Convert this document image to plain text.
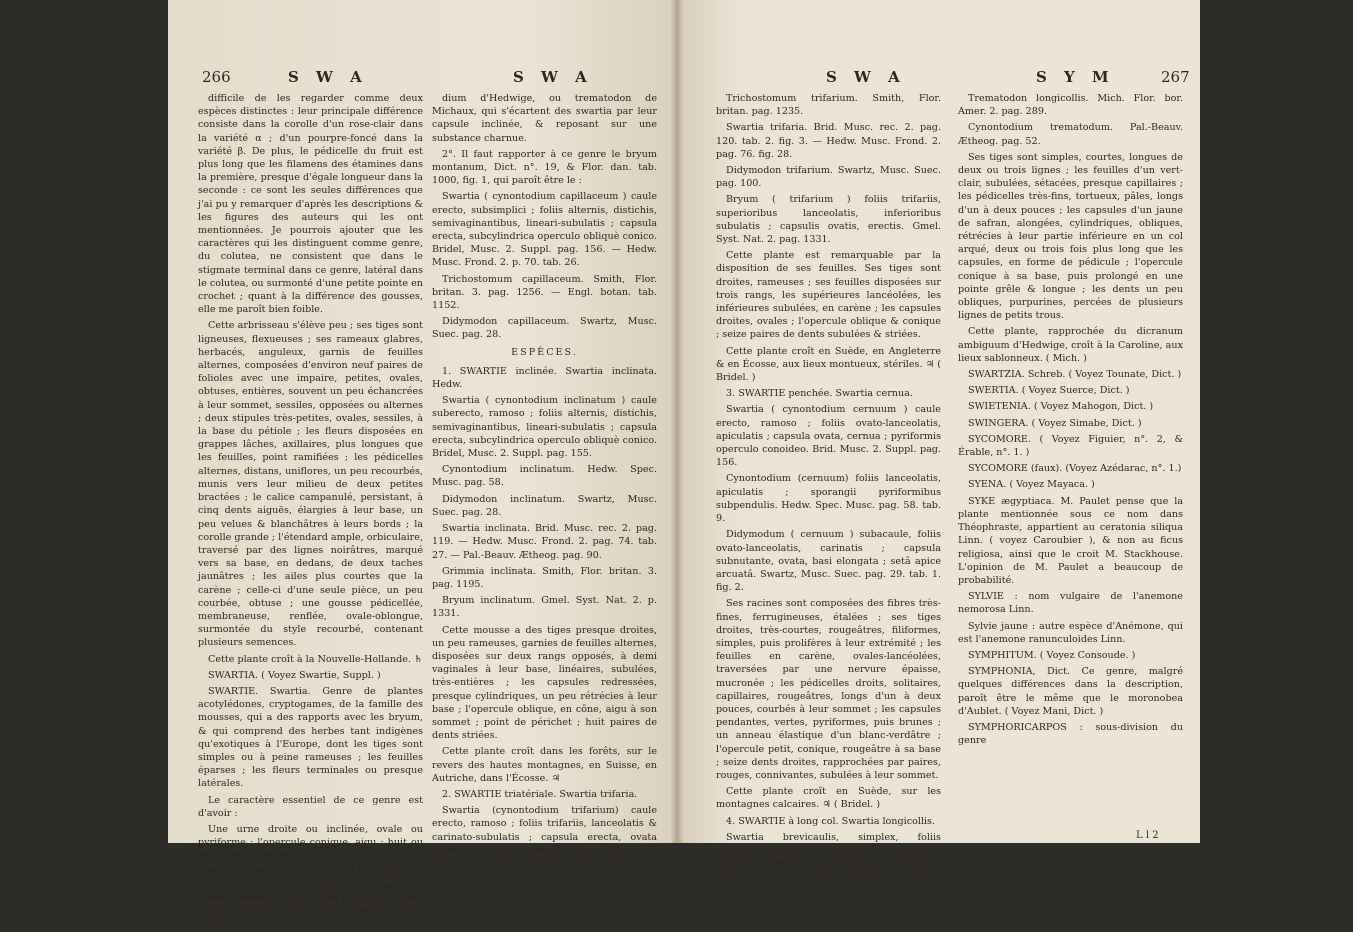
266	S W A	S W A

difficile de les regarder comme deux espèces distinctes : leur principale différence consiste dans la corolle d'un rose-clair dans la variété α ; d'un pourpre-foncé dans la variété β. De plus, le pédicelle du fruit est plus long que les filamens des étamines dans la première, presque d'égale longueur dans la seconde : ce sont les seules différences que j'ai pu y remarquer d'après les descriptions & les figures des auteurs qui les ont mentionnées. Je pourrois ajouter que les caractères qui les distinguent comme genre, du colutea, ne consistent que dans le stigmate terminal dans ce genre, latéral dans le colutea, ou surmonté d'une petite pointe en crochet ; quant à la différence des gousses, elle me paroît bien foible.

Cette arbrisseau s'élève peu ; ses tiges sont ligneuses, flexueuses ; ses rameaux glabres, herbacés, anguleux, garnis de feuilles alternes, composées d'environ neuf paires de folioles avec une impaire, petites, ovales, obtuses, entières, souvent un peu échancrées à leur sommet, sessiles, opposées ou alternes ; deux stipules très-petites, ovales, sessiles, à la base du pétiole ; les fleurs disposées en grappes lâches, axillaires, plus longues que les feuilles, point ramifiées ; les pédicelles alternes, distans, uniflores, un peu recourbés, munis vers leur milieu de deux petites bractées ; le calice campanulé, persistant, à cinq dents aiguës, élargies à leur base, un peu velues & blanchâtres à leurs bords ; la corolle grande ; l'étendard ample, orbiculaire, traversé par des lignes noirâtres, marqué vers sa base, en dedans, de deux taches jaunâtres ; les ailes plus courtes que la carène ; celle-ci d'une seule pièce, un peu courbée, obtuse ; une gousse pédicellée, membraneuse, renflée, ovale-oblongue, surmontée du style recourbé, contenant plusieurs semences.

Cette plante croît à la Nouvelle-Hollande. ♄

SWARTIA. ( Voyez Swartie, Suppl. )

SWARTIE. Swartia. Genre de plantes acotylédones, cryptogames, de la famille des mousses, qui a des rapports avec les bryum, & qui comprend des herbes tant indigènes qu'exotiques à l'Europe, dont les tiges sont simples ou à peine rameuses ; les feuilles éparses ; les fleurs terminales ou presque latérales.

Le caractère essentiel de ce genre est d'avoir :

Une urne droite ou inclinée, ovale ou pyriforme ; l'opercule conique, aigu ; huit ou seize dents rapprochées par paires à leur base, mais non géminées ; point de périchet.

Observations. 1°. Ce genre est en partie un démembrement de celui des bryum de Linné. Tel que je le présente ici, il comprend les cynonto-

dium d'Hedwige, ou trematodon de Michaux, qui s'écartent des swartia par leur capsule inclinée, & reposant sur une substance charnue.

2°. Il faut rapporter à ce genre le bryum montanum, Dict. n°. 19, & Flor. dan. tab. 1000, fig. 1, qui paroît être le :

Swartia ( cynontodium capillaceum ) caule erecto, subsimplici ; foliis alternis, distichis, semivaginantibus, lineari-subulatis ; capsula erecta, subcylindrica operculo obliquè conico. Bridel, Musc. 2. Suppl. pag. 156. — Hedw. Musc. Frond. 2. p. 70. tab. 26.

Trichostomum capillaceum. Smith, Flor. britan. 3. pag. 1256. — Engl. botan. tab. 1152.

Didymodon capillaceum. Swartz, Musc. Suec. pag. 28.

ESPÈCES.

1. SWARTIE inclinée. Swartia inclinata. Hedw.

Swartia ( cynontodium inclinatum ) caule suberecto, ramoso ; foliis alternis, distichis, semivaginantibus, lineari-subulatis ; capsula erecta, subcylindrica operculo obliquè conico. Bridel, Musc. 2. Suppl. pag. 155.

Cynontodium inclinatum. Hedw. Spec. Musc. pag. 58.

Didymodon inclinatum. Swartz, Musc. Suec. pag. 28.

Swartia inclinata. Brid. Musc. rec. 2. pag. 119. — Hedw. Musc. Frond. 2. pag. 74. tab. 27. — Pal.-Beauv. Ætheog. pag. 90.

Grimmia inclinata. Smith, Flor. britan. 3. pag. 1195.

Bryum inclinatum. Gmel. Syst. Nat. 2. p. 1331.

Cette mousse a des tiges presque droites, un peu rameuses, garnies de feuilles alternes, disposées sur deux rangs opposés, à demi vaginales à leur base, linéaires, subulées, très-entières ; les capsules redressées, presque cylindriques, un peu rétrécies à leur base ; l'opercule oblique, en cône, aigu à son sommet ; point de périchet ; huit paires de dents striées.

Cette plante croît dans les forêts, sur le revers des hautes montagnes, en Suisse, en Autriche, dans l'Écosse. ♃

2. SWARTIE triatériale. Swartia trifaria.

Swartia (cynontodium trifarium) caule erecto, ramoso ; foliis trifariis, lanceolatis & carinato-subulatis ; capsula erecta, ovata operculo obliquè conico. Bridel, Musc. 2. Suppl. pag. 157. — Hedw. Spec. Musc. pag. 57.

S W A	S Y M	267

Trichostomum trifarium. Smith, Flor. britan. pag. 1235.

Swartia trifaria. Brid. Musc. rec. 2. pag. 120. tab. 2. fig. 3. — Hedw. Musc. Frond. 2. pag. 76. fig. 28.

Didymodon trifarium. Swartz, Musc. Suec. pag. 100.

Bryum ( trifarium ) foliis trifariis, superioribus lanceolatis, inferioribus subulatis ; capsulis ovatis, erectis. Gmel. Syst. Nat. 2. pag. 1331.

Cette plante est remarquable par la disposition de ses feuilles. Ses tiges sont droites, rameuses ; ses feuilles disposées sur trois rangs, les supérieures lancéolées, les inférieures subulées, en carène ; les capsules droites, ovales ; l'opercule oblique & conique ; seize paires de dents subulées & striées.

Cette plante croît en Suède, en Angleterre & en Écosse, aux lieux montueux, stériles. ♃ ( Bridel. )

3. SWARTIE penchée. Swartia cernua.

Swartia ( cynontodium cernuum ) caule erecto, ramoso ; foliis ovato-lanceolatis, apiculatis ; capsula ovata, cernua ; pyriformis operculo conoideo. Brid. Musc. 2. Suppl. pag. 156.

Cynontodium (cernuum) foliis lanceolatis, apiculatis ; sporangii pyriformibus subpendulis. Hedw. Spec. Musc. pag. 58. tab. 9.

Didymodum ( cernuum ) subacaule, foliis ovato-lanceolatis, carinatis ; capsula subnutante, ovata, basi elongata ; setâ apice arcuatâ. Swartz, Musc. Suec. pag. 29. tab. 1. fig. 2.

Ses racines sont composées des fibres très-fines, ferrugineuses, étalées ; ses tiges droites, très-courtes, rougeâtres, filiformes, simples, puis prolifères à leur extrémité ; les feuilles en carène, ovales-lancéolées, traversées par une nervure épaisse, mucronée ; les pédicelles droits, solitaires, capillaires, rougeâtres, longs d'un à deux pouces, courbés à leur sommet ; les capsules pendantes, vertes, pyriformes, puis brunes ; un anneau élastique d'un blanc-verdâtre ; l'opercule petit, conique, rougeâtre à sa base ; seize dents droites, rapprochées par paires, rouges, connivantes, subulées à leur sommet.

Cette plante croît en Suède, sur les montagnes calcaires. ♃ ( Bridel. )

4. SWARTIE à long col. Swartia longicollis.

Swartia brevicaulis, simplex, foliis subulato-setaceis ; pedunculo longissimo, tortuoso ; sporangii oblongi stipite elongato ; operculo è basi conicâ gracillimè rostrato. Mich.

Trematodon longicollis. Mich. Flor. bor. Amer. 2. pag. 289.

Cynontodium trematodum. Pal.-Beauv. Ætheog. pag. 52.

Ses tiges sont simples, courtes, longues de deux ou trois lignes ; les feuilles d'un vert-clair, subulées, sétacées, presque capillaires ; les pédicelles très-fins, tortueux, pâles, longs d'un à deux pouces ; les capsules d'un jaune de safran, alongées, cylindriques, obliques, rétrécies à leur partie inférieure en un col arqué, deux ou trois fois plus long que les capsules, en forme de pédicule ; l'opercule conique à sa base, puis prolongé en une pointe grêle & longue ; les dents un peu obliques, purpurines, percées de plusieurs lignes de petits trous.

Cette plante, rapprochée du dicranum ambiguum d'Hedwige, croît à la Caroline, aux lieux sablonneux. ( Mich. )

SWARTZIA. Schreb. ( Voyez Tounate, Dict. )

SWERTIA. ( Voyez Suerce, Dict. )

SWIETENIA. ( Voyez Mahogon, Dict. )

SWINGERA. ( Voyez Simabe, Dict. )

SYCOMORE. ( Voyez Figuier, n°. 2, & Érable, n°. 1. )

SYCOMORE (faux). (Voyez Azédarac, n°. 1.)

SYENA. ( Voyez Mayaca. )

SYKE ægyptiaca. M. Paulet pense que la plante mentionnée sous ce nom dans Théophraste, appartient au ceratonia siliqua Linn. ( voyez Caroubier ), & non au ficus religiosa, ainsi que le croit M. Stackhouse. L'opinion de M. Paulet a beaucoup de probabilité.

SYLVIE : nom vulgaire de l'anemone nemorosa Linn.

Sylvie jaune : autre espèce d'Anémone, qui est l'anemone ranunculoides Linn.

SYMPHITUM. ( Voyez Consoude. )

SYMPHONIA, Dict. Ce genre, malgré quelques différences dans la description, paroît être le même que le moronobea d'Aublet. ( Voyez Mani, Dict. )

SYMPHORICARPOS : sous-division du genre

L l 2
